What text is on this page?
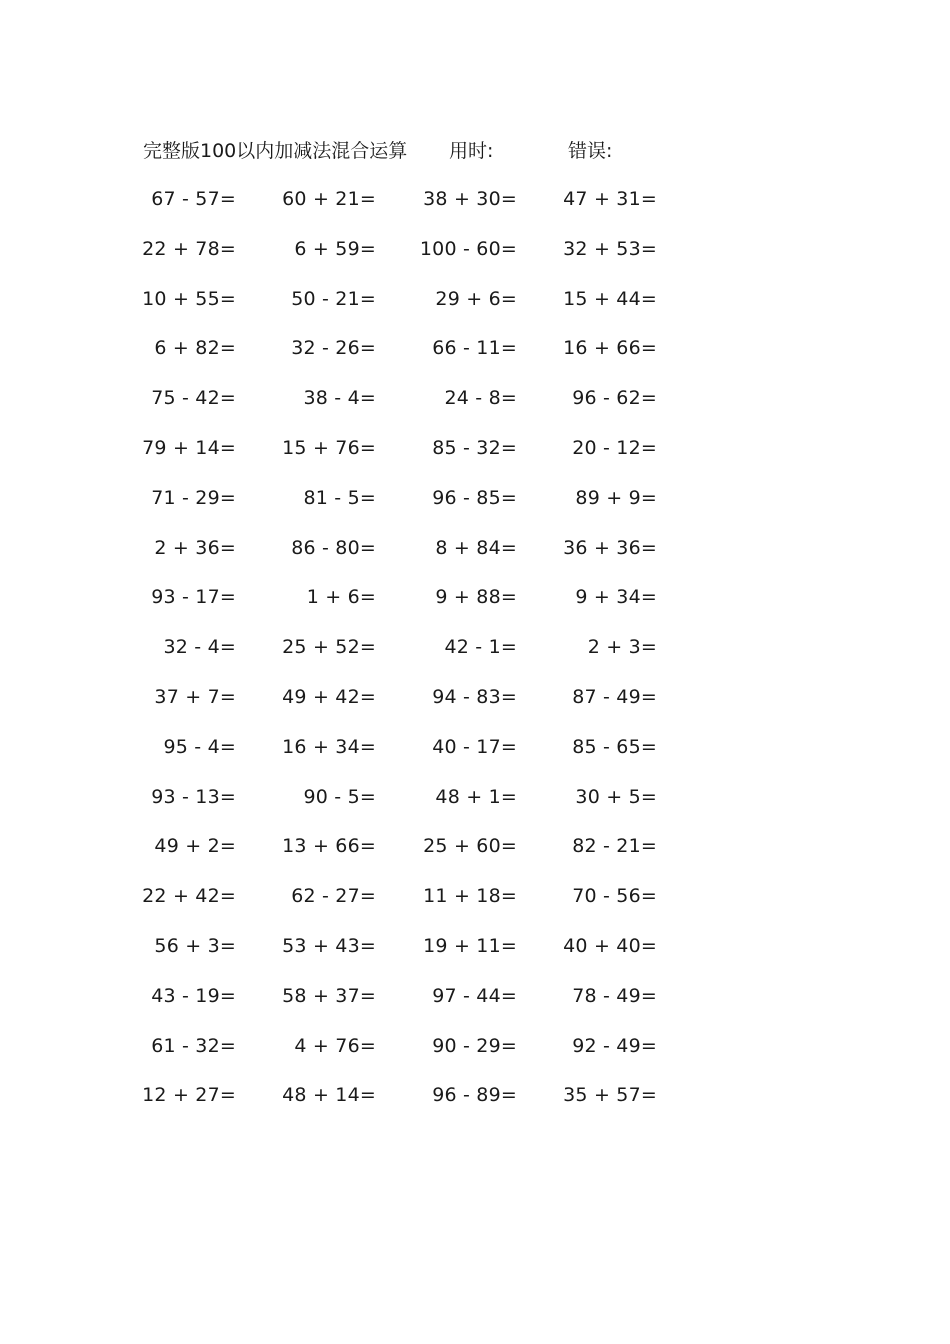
完整版100以内加减法混合运算 用时:	错误:
67 - 57= 60 + 21= 38 + 30= 47 + 31=
22 + 78=	6 + 59= 100 - 60= 32 + 53=
10 + 55=	50 - 21=	29 + 6= 15 + 44=
6 + 82=	32 - 26=	66 - 11= 16 + 66=
75 - 42=	38 - 4=	24 - 8=	96 - 62=
79 + 14= 15 + 76=	85 - 32=	20 - 12=
71 - 29=	81 - 5=	96 - 85=	89 + 9=
2 + 36=	86 - 80=	8 + 84= 36 + 36=
93 - 17=	1 + 6=	9 + 88=	9 + 34=
32 - 4= 25 + 52=	42 - 1=	2 + 3=
37 + 7= 49 + 42=	94 - 83=	87 - 49=
95 - 4= 16 + 34=	40 - 17=	85 - 65=
93 - 13=	90 - 5=	48 + 1=	30 + 5=
49 + 2= 13 + 66= 25 + 60=	82 - 21=
22 + 42=	62 - 27= 11 + 18=	70 - 56=
56 + 3= 53 + 43= 19 + 11= 40 + 40=
43 - 19= 58 + 37=	97 - 44=	78 - 49=
61 - 32=	4 + 76=	90 - 29=	92 - 49=
12 + 27= 48 + 14=	96 - 89= 35 + 57=
